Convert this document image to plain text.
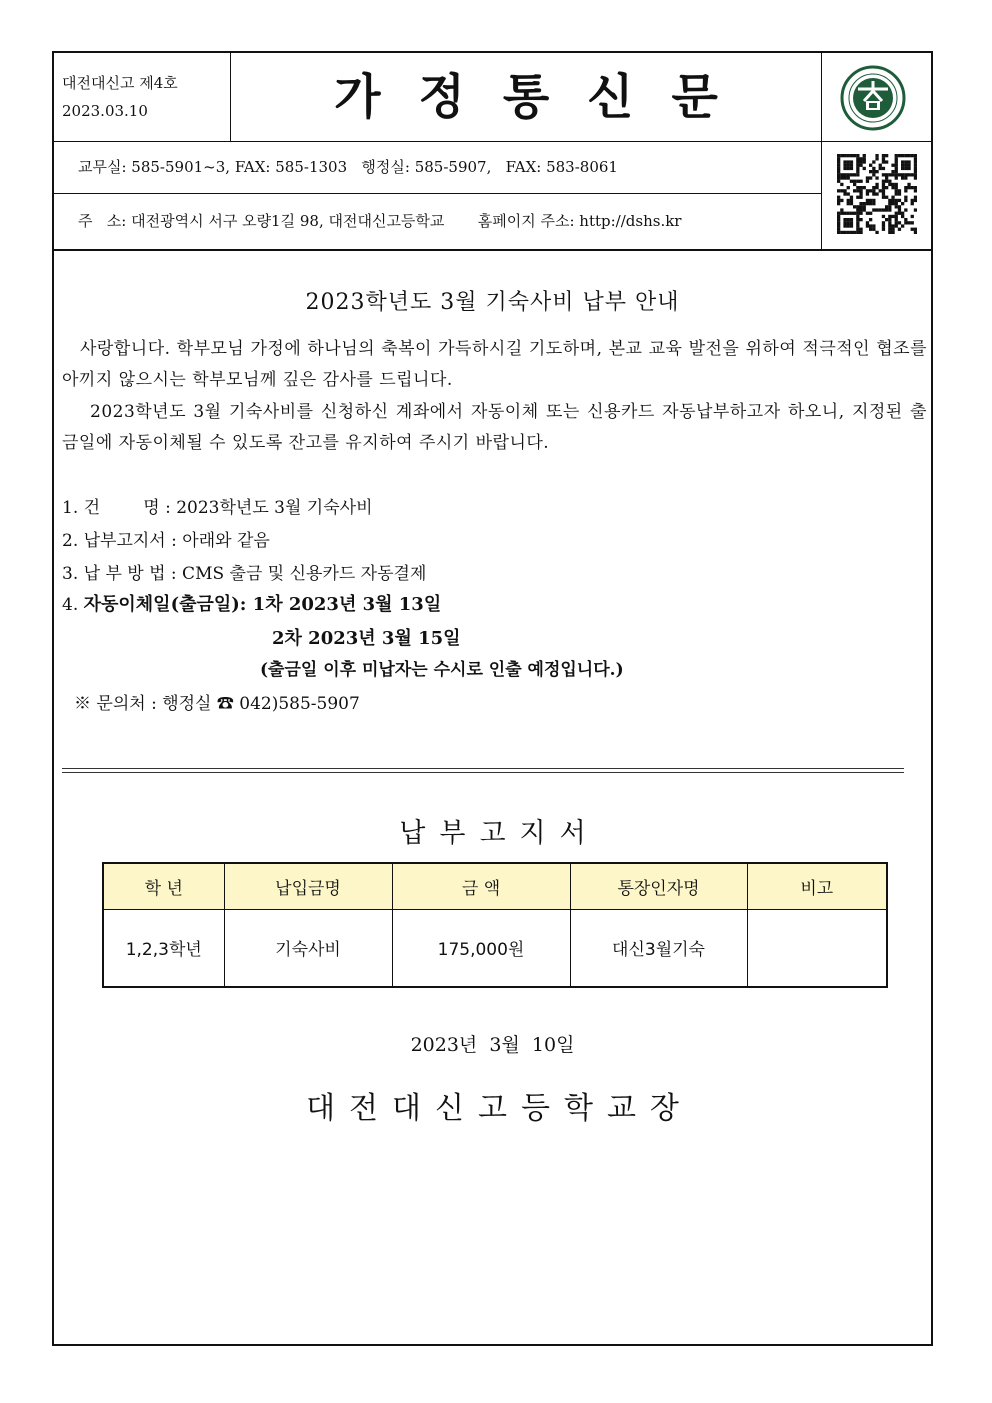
대전대신고 제4호
2023.03.10	가정통신문
교무실: 585-5901~3, FAX: 585-1303   행정실: 585-5907,   FAX: 583-8061
주   소: 대전광역시 서구 오량1길 98, 대전대신고등학교       홈페이지 주소: http://dshs.kr
2023학년도 3월 기숙사비 납부 안내

사랑합니다. 학부모님 가정에 하나님의 축복이 가득하시길 기도하며, 본교 교육 발전을 위하여 적극적인 협조를 아끼지 않으시는 학부모님께 깊은 감사를 드립니다.

2023학년도 3월 기숙사비를 신청하신 계좌에서 자동이체 또는 신용카드 자동납부하고자 하오니, 지정된 출금일에 자동이체될 수 있도록 잔고를 유지하여 주시기 바랍니다.

1. 건        명 : 2023학년도 3월 기숙사비
2. 납부고지서 : 아래와 같음
3. 납 부 방 법 : CMS 출금 및 신용카드 자동결제
4. 자동이체일(출금일): 1차 2023년 3월 13일
2차 2023년 3월 15일
(출금일 이후 미납자는 수시로 인출 예정입니다.)
※ 문의처 : 행정실 ☎ 042)585-5907
납부고지서
학 년	납입금명	금 액	통장인자명	비고
1,2,3학년	기숙사비	175,000원	대신3월기숙	
2023년  3월  10일
대전대신고등학교장
